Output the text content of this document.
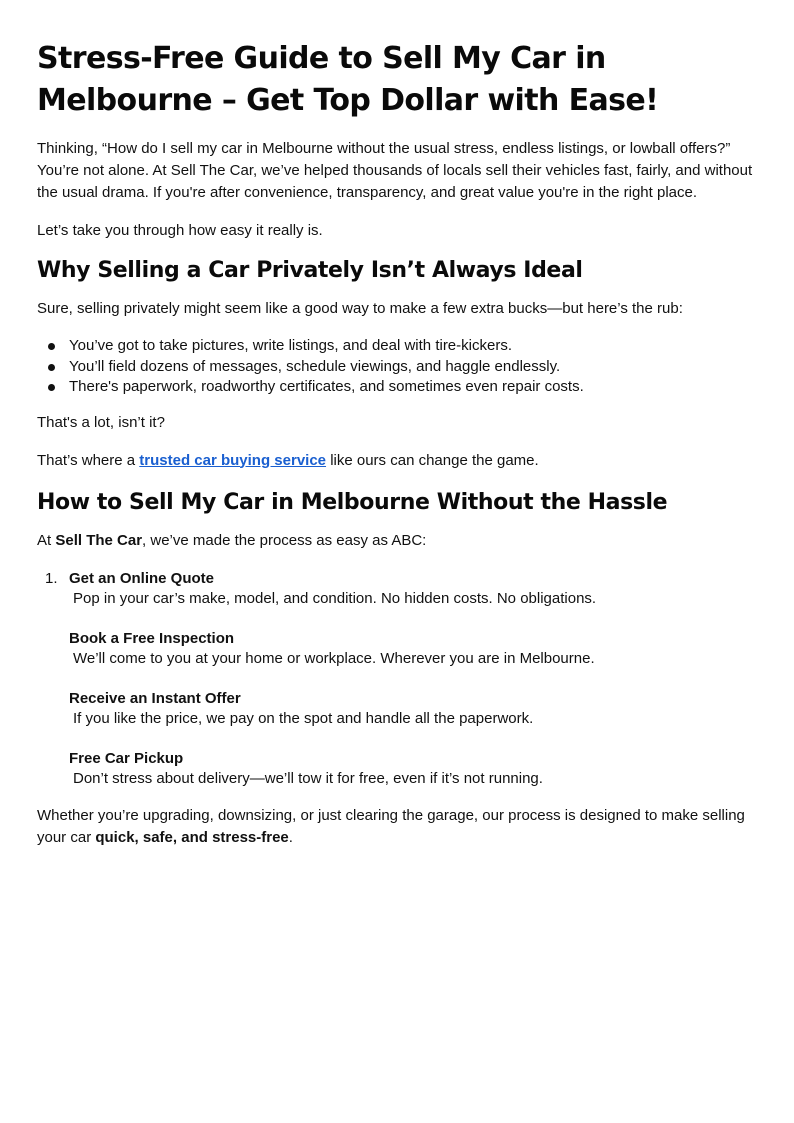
Stress-Free Guide to Sell My Car in Melbourne – Get Top Dollar with Ease!

Thinking, “How do I sell my car in Melbourne without the usual stress, endless listings, or lowball offers?” You’re not alone. At Sell The Car, we’ve helped thousands of locals sell their vehicles fast, fairly, and without the usual drama. If you're after convenience, transparency, and great value you're in the right place.

Let’s take you through how easy it really is.

Why Selling a Car Privately Isn’t Always Ideal

Sure, selling privately might seem like a good way to make a few extra bucks—but here’s the rub:

You’ve got to take pictures, write listings, and deal with tire-kickers.
You’ll field dozens of messages, schedule viewings, and haggle endlessly.
There's paperwork, roadworthy certificates, and sometimes even repair costs.

That's a lot, isn’t it?

That’s where a trusted car buying service like ours can change the game.

How to Sell My Car in Melbourne Without the Hassle

At Sell The Car, we’ve made the process as easy as ABC:

1. Get an Online Quote
Pop in your car’s make, model, and condition. No hidden costs. No obligations.
Book a Free Inspection
We’ll come to you at your home or workplace. Wherever you are in Melbourne.
Receive an Instant Offer
If you like the price, we pay on the spot and handle all the paperwork.
Free Car Pickup
Don’t stress about delivery—we’ll tow it for free, even if it’s not running.

Whether you’re upgrading, downsizing, or just clearing the garage, our process is designed to make selling your car quick, safe, and stress-free.
